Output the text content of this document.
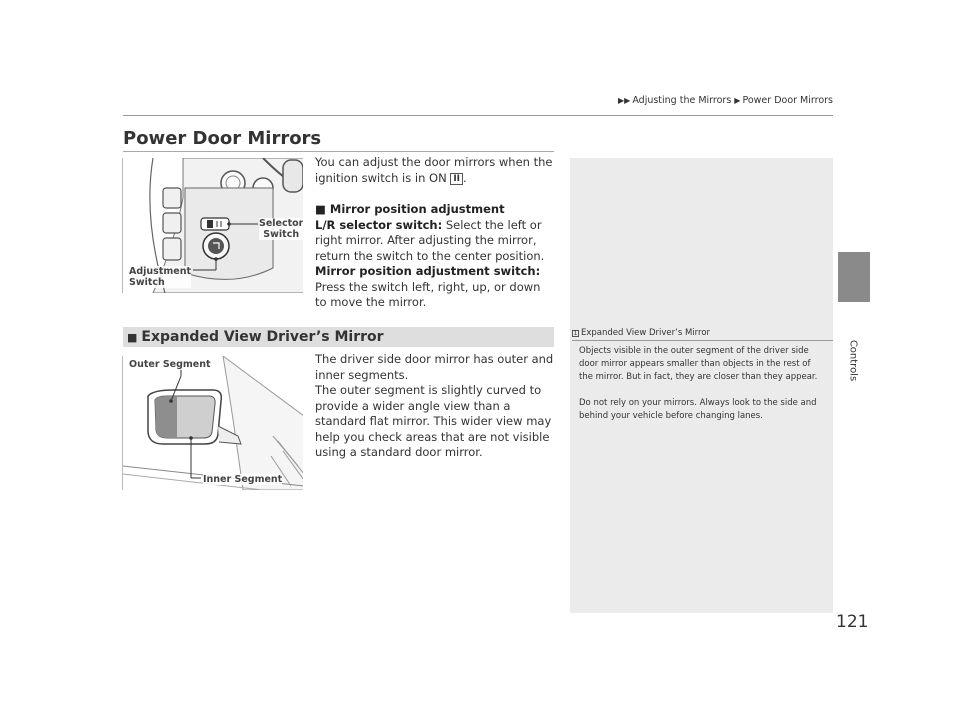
▶▶ Adjusting the Mirrors ▶ Power Door Mirrors
Controls
121
Power Door Mirrors
Selector
Switch
Adjustment
Switch
You can adjust the door mirrors when the ignition switch is in ON II .
■ Mirror position adjustment
L/R selector switch: Select the left or right mirror. After adjusting the mirror, return the switch to the center position.
Mirror position adjustment switch: Press the switch left, right, up, or down to move the mirror.
■ Expanded View Driver’s Mirror
Outer Segment
Inner Segment
The driver side door mirror has outer and inner segments.
The outer segment is slightly curved to provide a wider angle view than a standard flat mirror. This wider view may help you check areas that are not visible using a standard door mirror.
1 Expanded View Driver’s Mirror

Objects visible in the outer segment of the driver side door mirror appears smaller than objects in the rest of the mirror. But in fact, they are closer than they appear.

Do not rely on your mirrors. Always look to the side and behind your vehicle before changing lanes.
